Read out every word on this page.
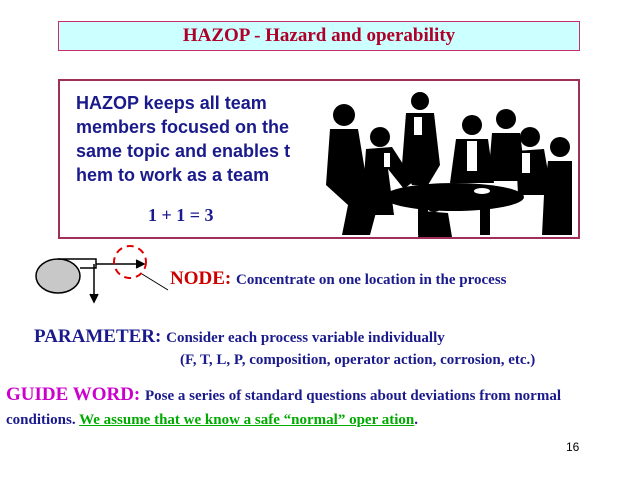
HAZOP - Hazard and operability
HAZOP keeps all team
members focused on the
same topic and enables t
hem to work as a team
1 + 1 = 3
NODE: Concentrate on one location in the process
PARAMETER: Consider each process variable individually
(F, T, L, P, composition, operator action, corrosion, etc.)
GUIDE WORD: Pose a series of standard questions about deviations from normal conditions. We assume that we know a safe “normal” oper ation.
16
